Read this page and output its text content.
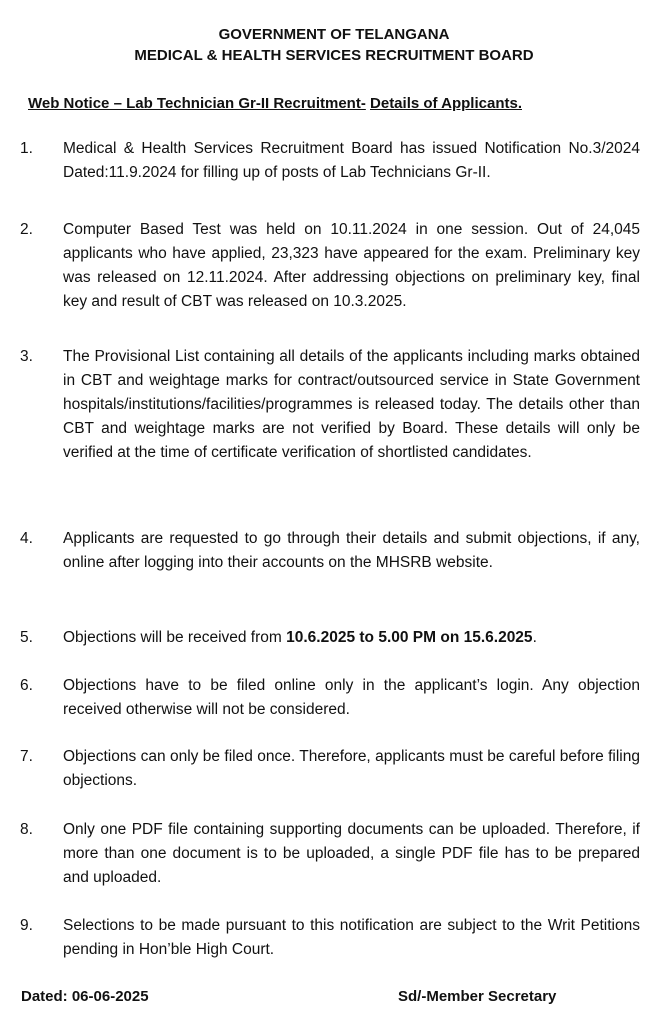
GOVERNMENT OF TELANGANA
MEDICAL & HEALTH SERVICES RECRUITMENT BOARD
Web Notice – Lab Technician Gr-II Recruitment- Details of Applicants.
1. Medical & Health Services Recruitment Board has issued Notification No.3/2024 Dated:11.9.2024 for filling up of posts of Lab Technicians Gr-II.
2. Computer Based Test was held on 10.11.2024 in one session. Out of 24,045 applicants who have applied, 23,323 have appeared for the exam. Preliminary key was released on 12.11.2024. After addressing objections on preliminary key, final key and result of CBT was released on 10.3.2025.
3. The Provisional List containing all details of the applicants including marks obtained in CBT and weightage marks for contract/outsourced service in State Government hospitals/institutions/facilities/programmes is released today. The details other than CBT and weightage marks are not verified by Board. These details will only be verified at the time of certificate verification of shortlisted candidates.
4. Applicants are requested to go through their details and submit objections, if any, online after logging into their accounts on the MHSRB website.
5. Objections will be received from 10.6.2025 to 5.00 PM on 15.6.2025.
6. Objections have to be filed online only in the applicant’s login. Any objection received otherwise will not be considered.
7. Objections can only be filed once. Therefore, applicants must be careful before filing objections.
8. Only one PDF file containing supporting documents can be uploaded. Therefore, if more than one document is to be uploaded, a single PDF file has to be prepared and uploaded.
9. Selections to be made pursuant to this notification are subject to the Writ Petitions pending in Hon’ble High Court.
Dated: 06-06-2025	Sd/-Member Secretary
